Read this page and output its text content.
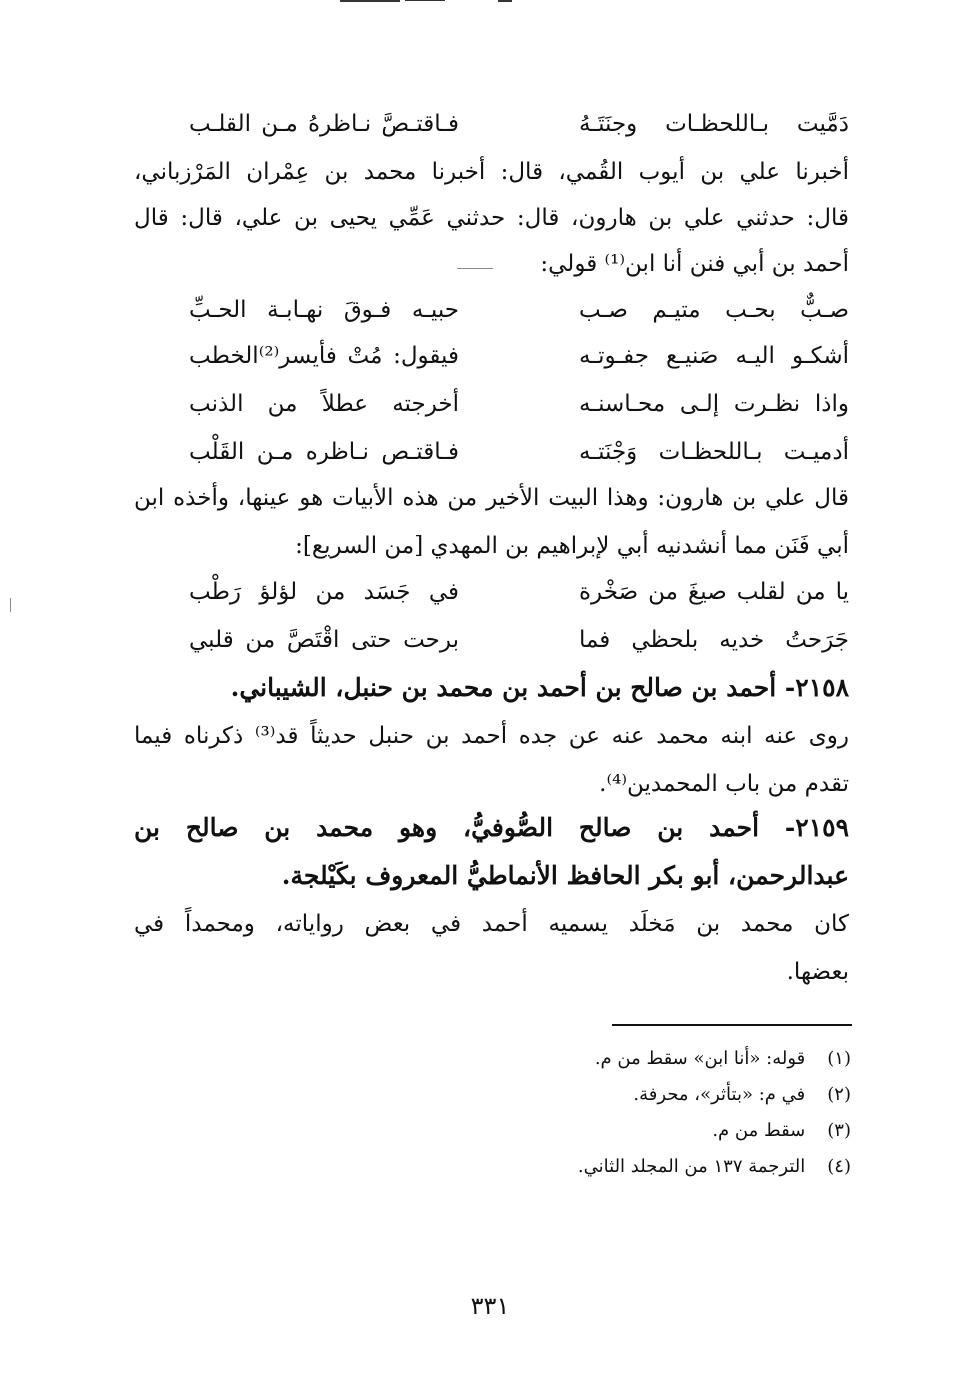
دَمَّيت بـاللحظـات وجنَتَـهُ
فـاقتـصَّ نـاظرهُ مـن القلـب
أخبرنا علي بن أيوب القُمي، قال: أخبرنا محمد بن عِمْران المَرْزباني،
قال: حدثني علي بن هارون، قال: حدثني عَمِّي يحيى بن علي، قال: قال
أحمد بن أبي فنن أنا ابن⁽¹⁾ قولي:
صـبٌّ بحـب متيـم صـب
حبيـه فـوقَ نهـابـة الحـبِّ
أشكـو اليـه صَنيـع جفـوتـه
فيقول: مُتْ فأيسر⁽²⁾الخطب
واذا نظـرت إلـى محـاسنـه
أخرجته عطلاً من الذنب
أدميـت بـاللحظـات وَجْنَتـه
فـاقتـص نـاظره مـن القَلْب
قال علي بن هارون: وهذا البيت الأخير من هذه الأبيات هو عينها، وأخذه ابن
أبي فَنَن مما أنشدنيه أبي لإبراهيم بن المهدي [من السريع]:
يا من لقلب صيغَ من صَخْرة
في جَسَد من لؤلؤ رَطْب
جَرَحتُ خديه بلحظي فما
برحت حتى اقْتَصَّ من قلبي
٢١٥٨- أحمد بن صالح بن أحمد بن محمد بن حنبل، الشيباني.
روى عنه ابنه محمد عنه عن جده أحمد بن حنبل حديثاً قد⁽³⁾ ذكرناه فيما
تقدم من باب المحمدين⁽⁴⁾.
٢١٥٩- أحمد بن صالح الصُّوفيُّ، وهو محمد بن صالح بن
عبدالرحمن، أبو بكر الحافظ الأنماطيُّ المعروف بكَيْلجة.
كان محمد بن مَخلَد يسميه أحمد في بعض رواياته، ومحمداً في
بعضها.
(١) قوله: «أنا ابن» سقط من م.
(٢) في م: «بتأثر»، محرفة.
(٣) سقط من م.
(٤) الترجمة ١٣٧ من المجلد الثاني.
٣٣١
